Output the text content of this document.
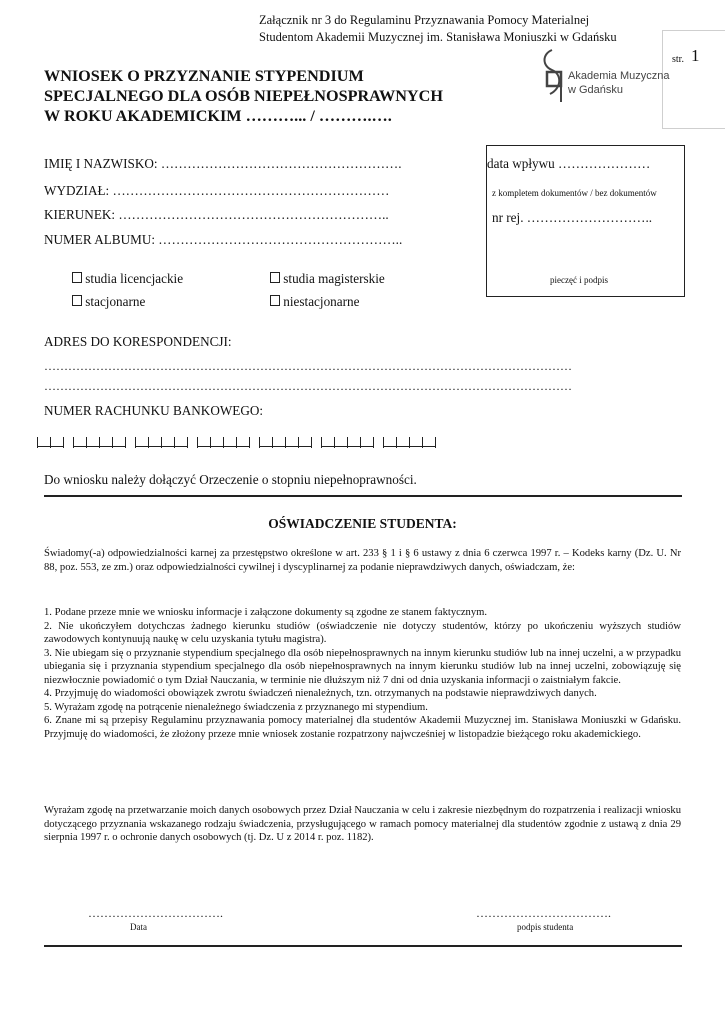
Załącznik nr 3 do Regulaminu Przyznawania Pomocy Materialnej
Studentom Akademii Muzycznej im. Stanisława Moniuszki w Gdańsku
str. 1
Akademia Muzyczna
w Gdańsku
WNIOSEK O PRZYZNANIE STYPENDIUM
SPECJALNEGO DLA OSÓB NIEPEŁNOSPRAWNYCH
W ROKU AKADEMICKIM ………... / ……….….
IMIĘ I NAZWISKO: ……………………………………………….
WYDZIAŁ: ………………………………………………………
KIERUNEK: ……………………………………………………..
NUMER ALBUMU: ………………………………………………..
studia licencjackie	studia magisterskie
stacjonarne	niestacjonarne
data wpływu …………………
z kompletem dokumentów / bez dokumentów
nr rej. ………………………..
pieczęć i podpis
ADRES DO KORESPONDENCJI:
……………………………………………………………………………………………………………………
……………………………………………………………………………………………………………………
NUMER RACHUNKU BANKOWEGO:
Do wniosku należy dołączyć Orzeczenie o stopniu niepełnoprawności.
OŚWIADCZENIE STUDENTA:
Świadomy(-a) odpowiedzialności karnej za przestępstwo określone w art. 233 § 1 i § 6 ustawy z dnia 6 czerwca 1997 r. – Kodeks karny (Dz. U. Nr 88, poz. 553, ze zm.) oraz odpowiedzialności cywilnej i dyscyplinarnej za podanie nieprawdziwych danych, oświadczam, że:

1. Podane przeze mnie we wniosku informacje i załączone dokumenty są zgodne ze stanem faktycznym.

2. Nie ukończyłem dotychczas żadnego kierunku studiów (oświadczenie nie dotyczy studentów, którzy po ukończeniu wyższych studiów zawodowych kontynuują naukę w celu uzyskania tytułu magistra).

3. Nie ubiegam się o przyznanie stypendium specjalnego dla osób niepełnosprawnych na innym kierunku studiów lub na innej uczelni, a w przypadku ubiegania się i przyznania stypendium specjalnego dla osób niepełnosprawnych na innym kierunku studiów lub na innej uczelni, zobowiązuję się niezwłocznie powiadomić o tym Dział Nauczania, w terminie nie dłuższym niż 7 dni od dnia uzyskania informacji o zaistniałym fakcie.

4. Przyjmuję do wiadomości obowiązek zwrotu świadczeń nienależnych, tzn. otrzymanych na podstawie nieprawdziwych danych.

5. Wyrażam zgodę na potrącenie nienależnego świadczenia z przyznanego mi stypendium.

6. Znane mi są przepisy Regulaminu przyznawania pomocy materialnej dla studentów Akademii Muzycznej im. Stanisława Moniuszki w Gdańsku. Przyjmuję do wiadomości, że złożony przeze mnie wniosek zostanie rozpatrzony najwcześniej w listopadzie bieżącego roku akademickiego.

Wyrażam zgodę na przetwarzanie moich danych osobowych przez Dział Nauczania w celu i zakresie niezbędnym do rozpatrzenia i realizacji wniosku dotyczącego przyznania wskazanego rodzaju świadczenia, przysługującego w ramach pomocy materialnej dla studentów zgodnie z ustawą z dnia 29 sierpnia 1997 r. o ochronie danych osobowych (tj. Dz. U z 2014 r. poz. 1182).
…………………………….
Data
…………………………….
podpis studenta
